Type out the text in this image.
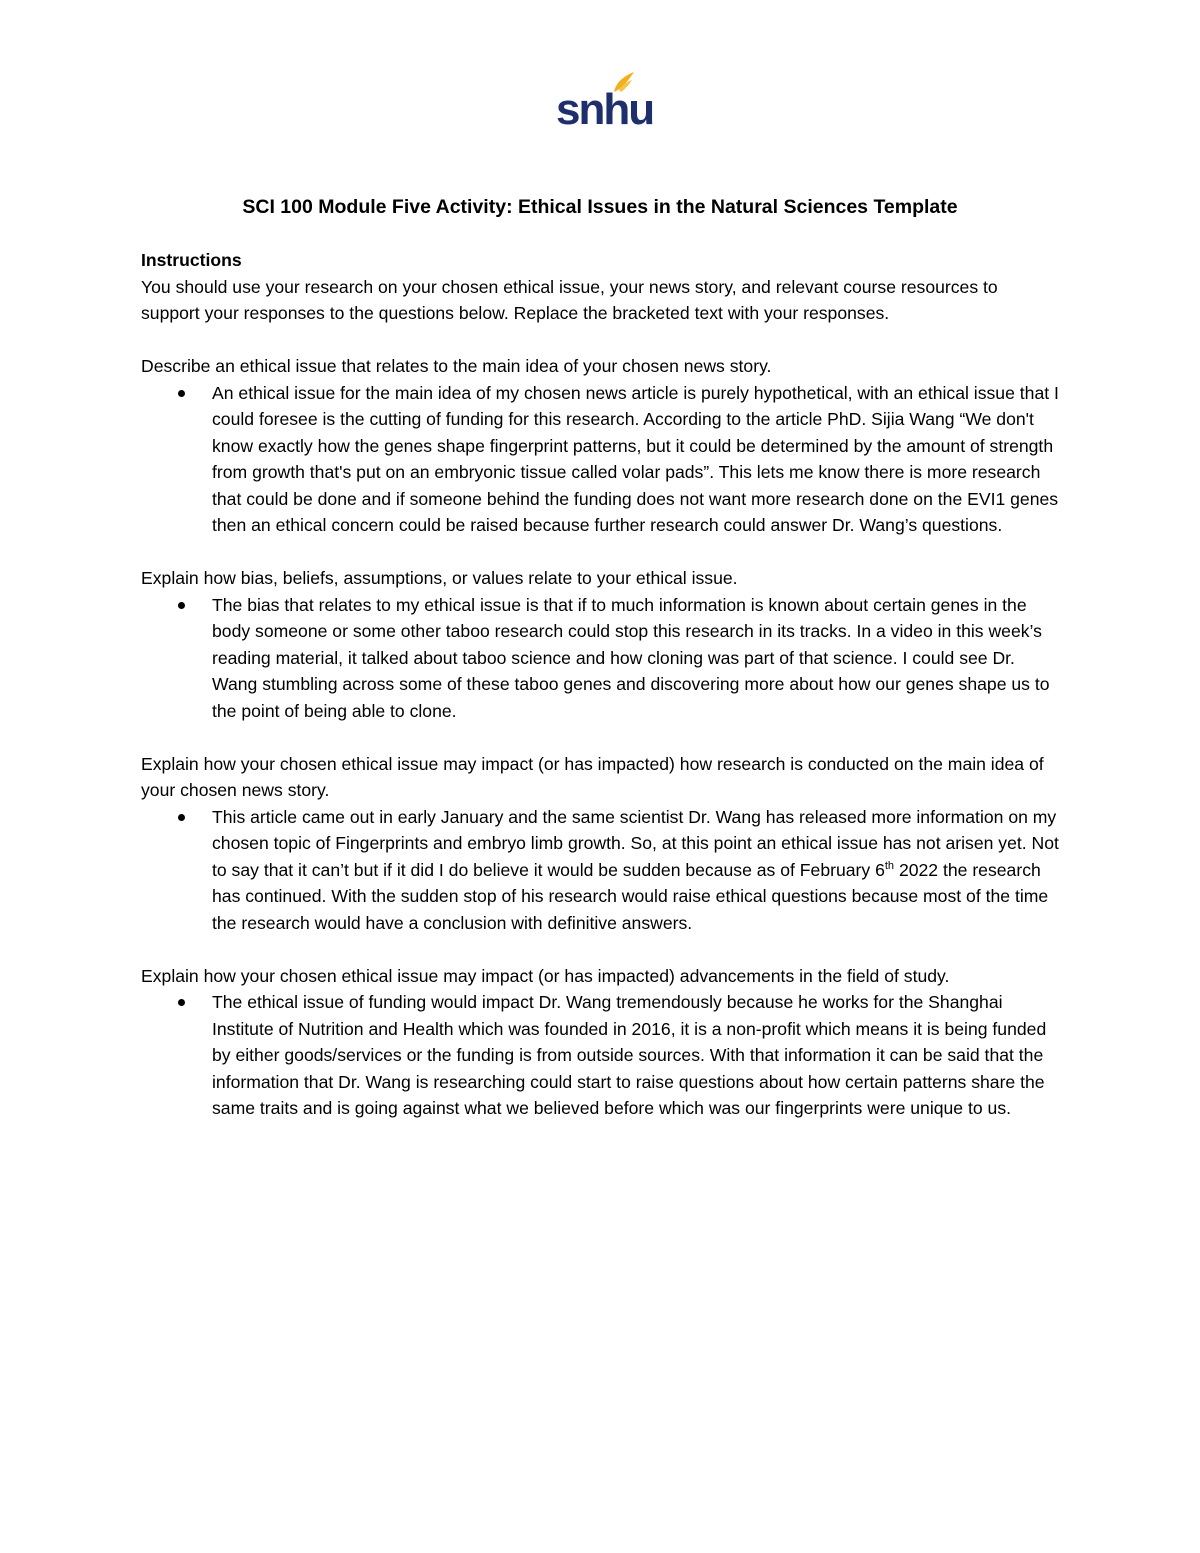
snhu
SCI 100 Module Five Activity: Ethical Issues in the Natural Sciences Template

Instructions

You should use your research on your chosen ethical issue, your news story, and relevant course resources to support your responses to the questions below. Replace the bracketed text with your responses.

Describe an ethical issue that relates to the main idea of your chosen news story.

An ethical issue for the main idea of my chosen news article is purely hypothetical, with an ethical issue that I could foresee is the cutting of funding for this research. According to the article PhD. Sijia Wang “We don't know exactly how the genes shape fingerprint patterns, but it could be determined by the amount of strength from growth that's put on an embryonic tissue called volar pads”. This lets me know there is more research that could be done and if someone behind the funding does not want more research done on the EVI1 genes then an ethical concern could be raised because further research could answer Dr. Wang’s questions.

Explain how bias, beliefs, assumptions, or values relate to your ethical issue.

The bias that relates to my ethical issue is that if to much information is known about certain genes in the body someone or some other taboo research could stop this research in its tracks. In a video in this week’s reading material, it talked about taboo science and how cloning was part of that science. I could see Dr. Wang stumbling across some of these taboo genes and discovering more about how our genes shape us to the point of being able to clone.

Explain how your chosen ethical issue may impact (or has impacted) how research is conducted on the main idea of your chosen news story.

This article came out in early January and the same scientist Dr. Wang has released more information on my chosen topic of Fingerprints and embryo limb growth. So, at this point an ethical issue has not arisen yet. Not to say that it can’t but if it did I do believe it would be sudden because as of February 6th 2022 the research has continued. With the sudden stop of his research would raise ethical questions because most of the time the research would have a conclusion with definitive answers.

Explain how your chosen ethical issue may impact (or has impacted) advancements in the field of study.

The ethical issue of funding would impact Dr. Wang tremendously because he works for the Shanghai Institute of Nutrition and Health which was founded in 2016, it is a non-profit which means it is being funded by either goods/services or the funding is from outside sources. With that information it can be said that the information that Dr. Wang is researching could start to raise questions about how certain patterns share the same traits and is going against what we believed before which was our fingerprints were unique to us.
